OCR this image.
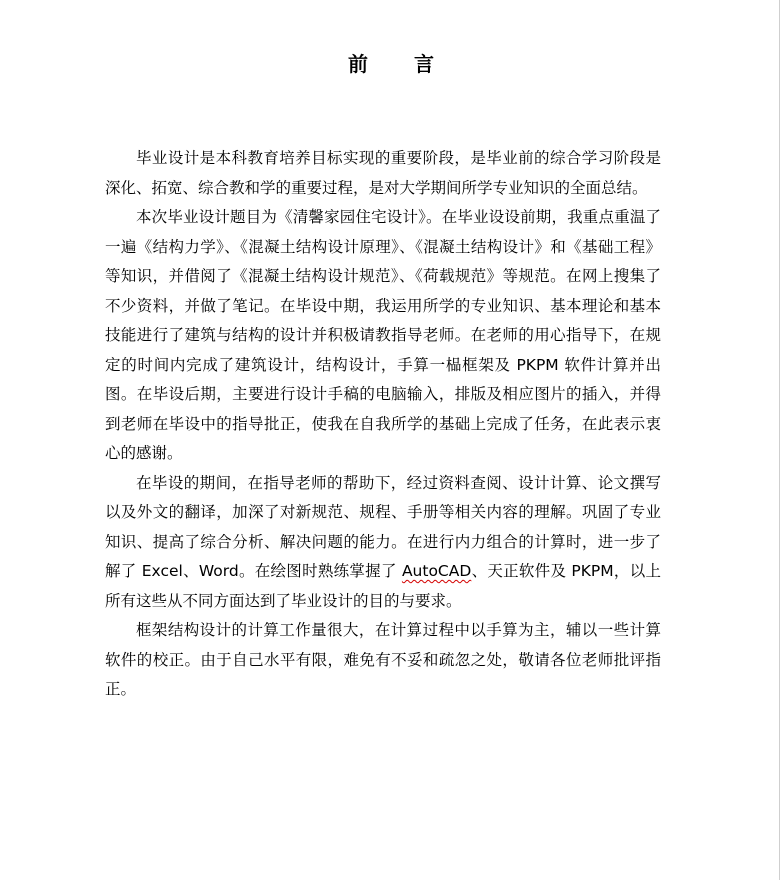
前言

毕业设计是本科教育培养目标实现的重要阶段，是毕业前的综合学习阶段是深化、拓宽、综合教和学的重要过程，是对大学期间所学专业知识的全面总结。

本次毕业设计题目为《清馨家园住宅设计》。在毕业设设前期，我重点重温了一遍《结构力学》、《混凝土结构设计原理》、《混凝土结构设计》和《基础工程》等知识，并借阅了《混凝土结构设计规范》、《荷载规范》等规范。在网上搜集了不少资料，并做了笔记。在毕设中期，我运用所学的专业知识、基本理论和基本技能进行了建筑与结构的设计并积极请教指导老师。在老师的用心指导下，在规定的时间内完成了建筑设计，结构设计，手算一榀框架及 PKPM 软件计算并出图。在毕设后期，主要进行设计手稿的电脑输入，排版及相应图片的插入，并得到老师在毕设中的指导批正，使我在自我所学的基础上完成了任务，在此表示衷心的感谢。

在毕设的期间，在指导老师的帮助下，经过资料查阅、设计计算、论文撰写以及外文的翻译，加深了对新规范、规程、手册等相关内容的理解。巩固了专业知识、提高了综合分析、解决问题的能力。在进行内力组合的计算时，进一步了解了 Excel、Word。在绘图时熟练掌握了 AutoCAD、天正软件及 PKPM，以上所有这些从不同方面达到了毕业设计的目的与要求。

框架结构设计的计算工作量很大，在计算过程中以手算为主，辅以一些计算软件的校正。由于自己水平有限，难免有不妥和疏忽之处，敬请各位老师批评指正。
